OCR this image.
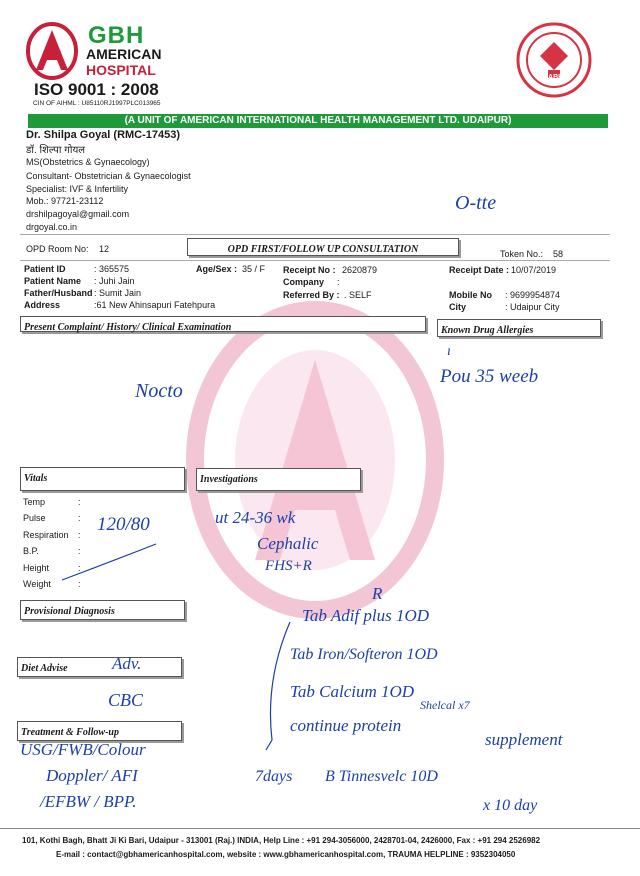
GBH
AMERICAN
HOSPITAL
ISO 9001 : 2008
CIN OF AIHML : U85110RJ1997PLC013965
NABH
(A UNIT OF AMERICAN INTERNATIONAL HEALTH MANAGEMENT LTD. UDAIPUR)
Dr. Shilpa Goyal (RMC-17453)
डॉ. शिल्पा गोयल
MS(Obstetrics & Gynaecology)
Consultant- Obstetrician & Gynaecologist
Specialist: IVF & Infertility
Mob.: 97721-23112
drshilpagoyal@gmail.com
drgoyal.co.in
O-tte
OPD Room No: 12	OPD FIRST/FOLLOW UP CONSULTATION	Token No.: 58
Patient ID	: 365575
Patient Name : Juhi Jain
Father/Husband : Sumit Jain
Address	:61 New Ahinsapuri Fatehpura
Age/Sex : 35 / F Receipt No : 2620879
Company :
Referred By : . SELF
Receipt Date : 10/07/2019
Mobile No : 9699954874
City	: Udaipur City
Present Complaint/ History/ Clinical Examination	Known Drug Allergies
ı
Nocto
Pou 35 weeb
Vitals	Investigations
Temp
Pulse
Respiration
B.P.
Height
Weight
:
:
:
:
:
:
120/80	ut 24-36 wk
Cephalic
FHS+R
Provisional Diagnosis
R
Tab Adif plus 1OD
Tab Iron/Softeron 1OD
Tab Calcium 1OD
Shelcal x7
continue protein
supplement
7days B Tinnesvelc 10D
x 10 day
Diet Advise	Adv.
CBC
Treatment & Follow-up
USG/FWB/Colour
Doppler/ AFI
/EFBW / BPP.
101, Kothi Bagh, Bhatt Ji Ki Bari, Udaipur - 313001 (Raj.) INDIA, Help Line : +91 294-3056000, 2428701-04, 2426000, Fax : +91 294 2526982
E-mail : contact@gbhamericanhospital.com, website : www.gbhamericanhospital.com, TRAUMA HELPLINE : 9352304050
